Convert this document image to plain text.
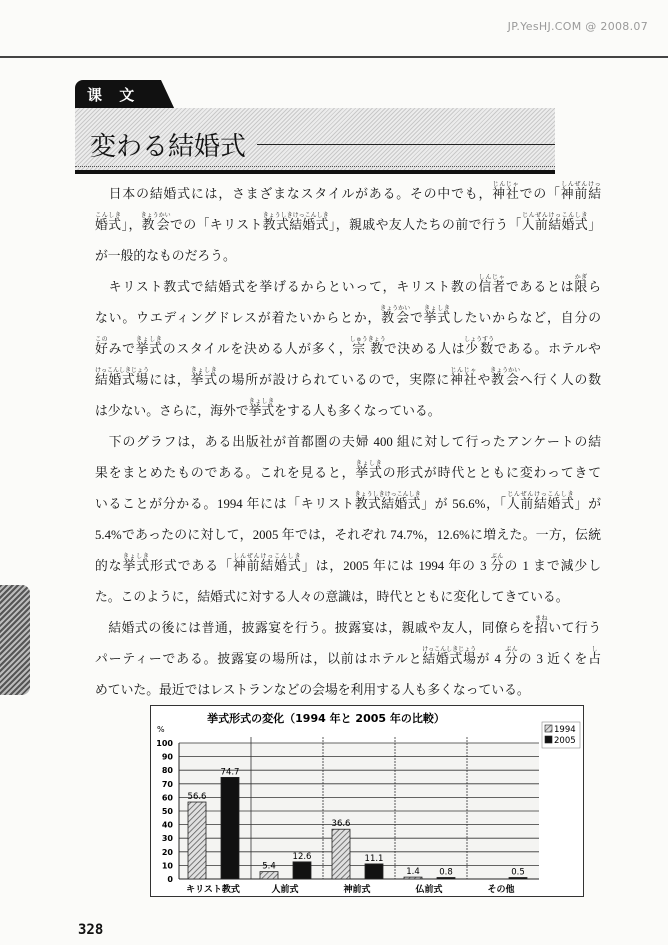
JP.YesHJ.COM @ 2008.07
课 文
変わる結婚式
　日本の結婚式には，さまざまなスタイルがある。その中でも，神社じんじゃでの「神前結しんぜんけっ
婚式こんしき」，教会きょうかいでの「キリスト教式結婚式きょうしきけっこんしき」，親戚や友人たちの前で行う「人前結婚式じんぜんけっこんしき」
が一般的なものだろう。
　キリスト教式で結婚式を挙げるからといって，キリスト教の信者しんじゃであるとは限かぎら
ない。ウエディングドレスが着たいからとか，教会きょうかいで挙式きょしきしたいからなど，自分の
好このみで挙式きょしきのスタイルを決める人が多く，宗教しゅうきょうで決める人は少数しょうすうである。ホテルや
結婚式場けっこんしきじょうには，挙式きょしきの場所が設けられているので，実際に神社じんじゃや教会きょうかいへ行く人の数
は少ない。さらに，海外で挙式きょしきをする人も多くなっている。
　下のグラフは，ある出版社が首都圏の夫婦 400 組に対して行ったアンケートの結
果をまとめたものである。これを見ると，挙式きょしきの形式が時代とともに変わってきて
いることが分かる。1994 年には「キリスト教式結婚式きょうしきけっこんしき」が 56.6%，「人前結婚式じんぜんけっこんしき」が
5.4%であったのに対して，2005 年では，それぞれ 74.7%，12.6%に増えた。一方，伝統
的な挙式きょしき形式である「神前結婚式しんぜんけっこんしき」は，2005 年には 1994 年の 3 分ぶんの 1 まで減少し
た。このように，結婚式に対する人々の意識は，時代とともに変化してきている。
　結婚式の後には普通，披露宴を行う。披露宴は，親戚や友人，同僚らを招まねいて行う
パーティーである。披露宴の場所は，以前はホテルと結婚式場けっこんしきじょうが 4 分ぶんの 3 近くを占し
めていた。最近ではレストランなどの会場を利用する人も多くなっている。
挙式形式の変化（1994 年と 2005 年の比較）
%
0
10
20
30
40
50
60
70
80
90
100
キリスト教式	人前式	神前式	仏前式	その他
56.6
5.4
36.6
1.4
74.7
12.6	11.1
0.8	0.5
1994
2005
328
